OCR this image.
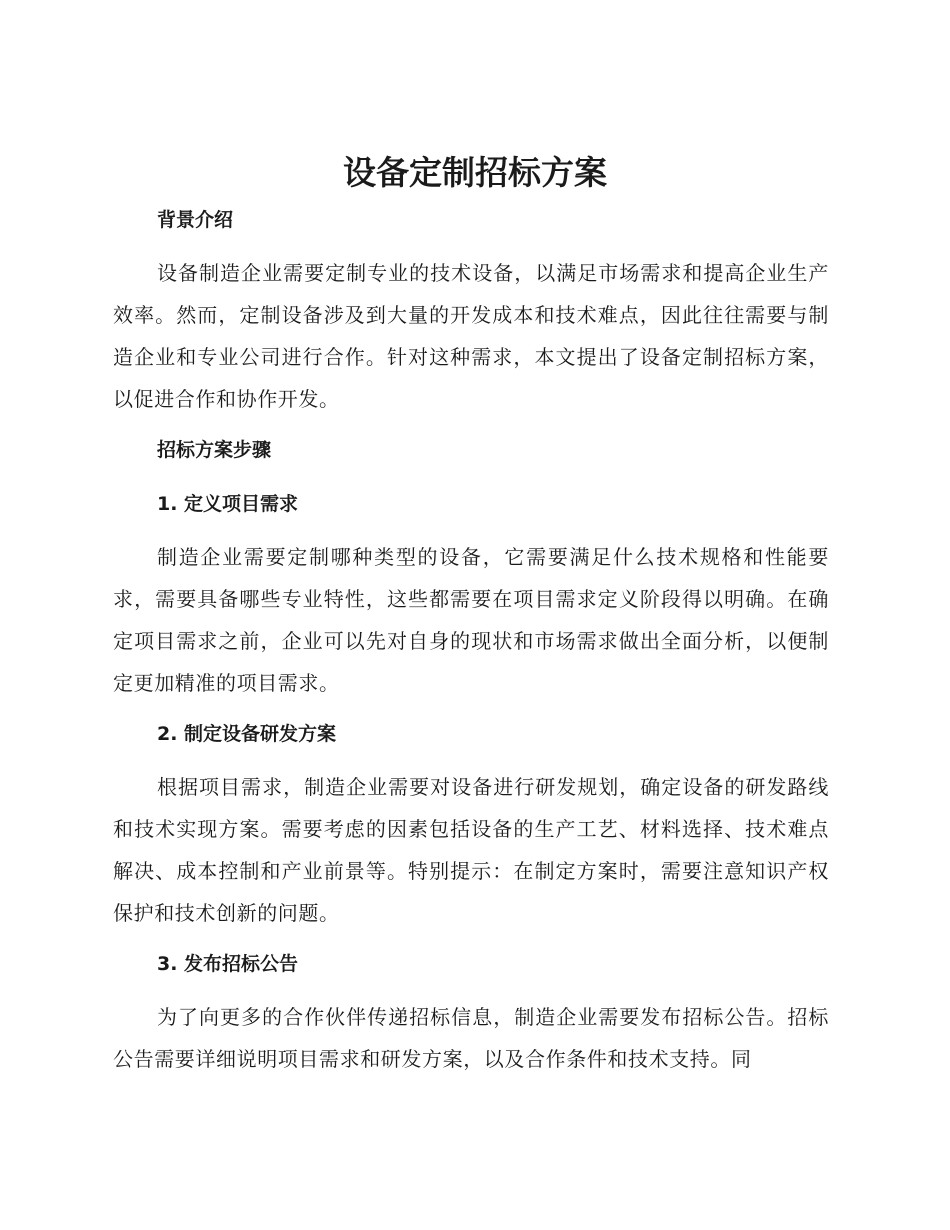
设备定制招标方案
背景介绍

设备制造企业需要定制专业的技术设备，以满足市场需求和提高企业生产效率。然而，定制设备涉及到大量的开发成本和技术难点，因此往往需要与制造企业和专业公司进行合作。针对这种需求，本文提出了设备定制招标方案，以促进合作和协作开发。

招标方案步骤
1. 定义项目需求

制造企业需要定制哪种类型的设备，它需要满足什么技术规格和性能要求，需要具备哪些专业特性，这些都需要在项目需求定义阶段得以明确。在确定项目需求之前，企业可以先对自身的现状和市场需求做出全面分析，以便制定更加精准的项目需求。

2. 制定设备研发方案

根据项目需求，制造企业需要对设备进行研发规划，确定设备的研发路线和技术实现方案。需要考虑的因素包括设备的生产工艺、材料选择、技术难点解决、成本控制和产业前景等。特别提示：在制定方案时，需要注意知识产权保护和技术创新的问题。

3. 发布招标公告

为了向更多的合作伙伴传递招标信息，制造企业需要发布招标公告。招标公告需要详细说明项目需求和研发方案，以及合作条件和技术支持。同
